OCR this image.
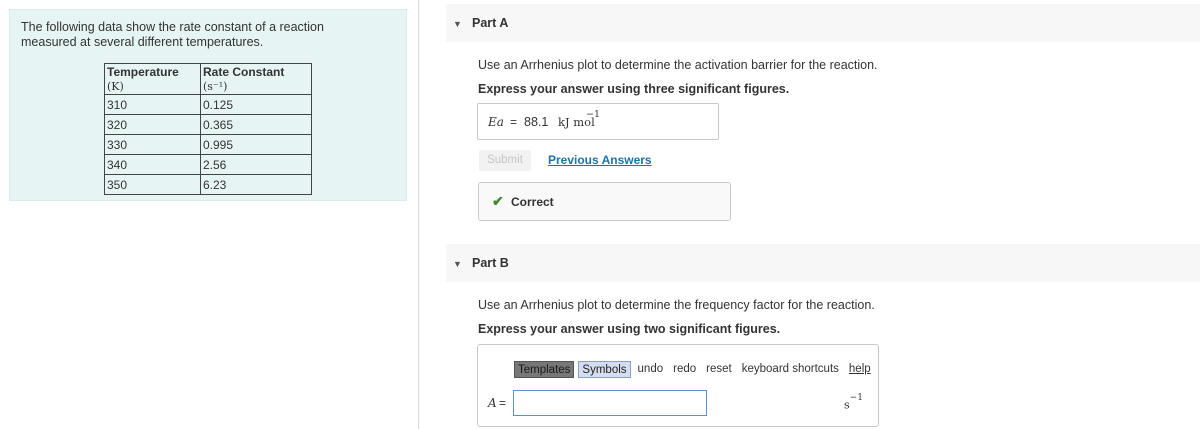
The following data show the rate constant of a reaction measured at several different temperatures.
Temperature (K)	Rate Constant (s⁻¹)
310	0.125
320	0.365
330	0.995
340	2.56
350	6.23
▼ Part A
Use an Arrhenius plot to determine the activation barrier for the reaction.
Express your answer using three significant figures.
Ea = 88.1 kJ mol
−1
Submit	Previous Answers
✔ Correct
▼ Part B
Use an Arrhenius plot to determine the frequency factor for the reaction.
Express your answer using two significant figures.
Templates	Symbols undo redo reset keyboard shortcuts help
A =	$s^{-1}$
